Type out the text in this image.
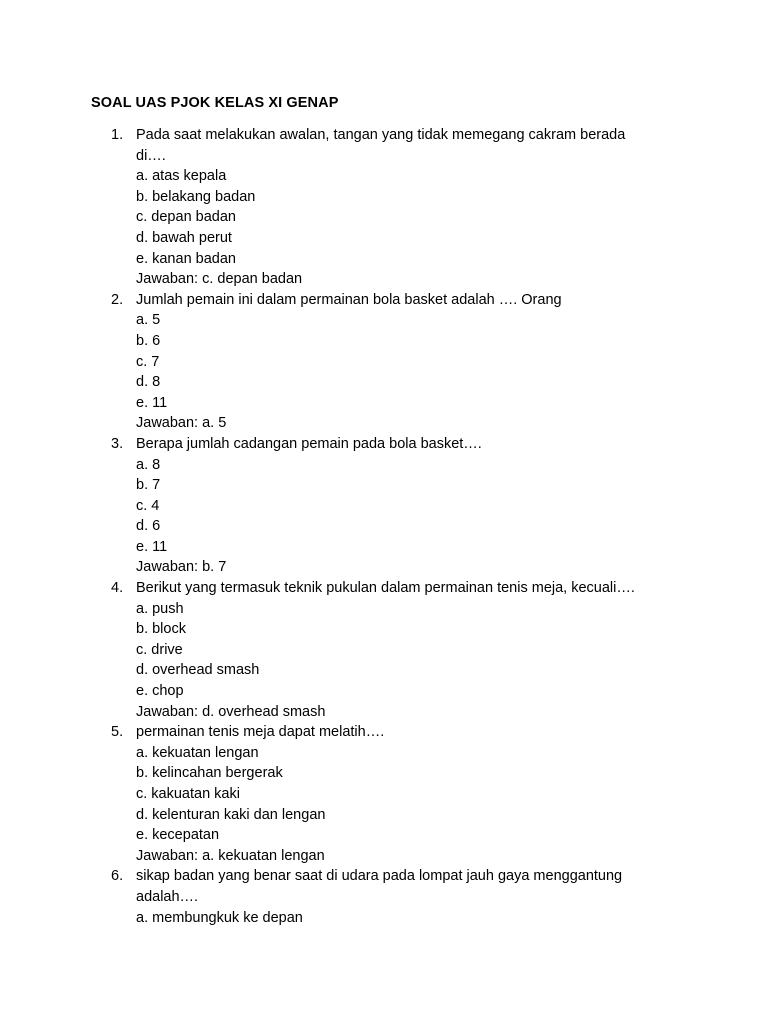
SOAL UAS PJOK KELAS XI GENAP
1. Pada saat melakukan awalan, tangan yang tidak memegang cakram berada
di….
a. atas kepala
b. belakang badan
c. depan badan
d. bawah perut
e. kanan badan
Jawaban: c. depan badan
2. Jumlah pemain ini dalam permainan bola basket adalah …. Orang
a. 5
b. 6
c. 7
d. 8
e. 11
Jawaban: a. 5
3. Berapa jumlah cadangan pemain pada bola basket….
a. 8
b. 7
c. 4
d. 6
e. 11
Jawaban: b. 7
4. Berikut yang termasuk teknik pukulan dalam permainan tenis meja, kecuali….
a. push
b. block
c. drive
d. overhead smash
e. chop
Jawaban: d. overhead smash
5. permainan tenis meja dapat melatih….
a. kekuatan lengan
b. kelincahan bergerak
c. kakuatan kaki
d. kelenturan kaki dan lengan
e. kecepatan
Jawaban: a. kekuatan lengan
6. sikap badan yang benar saat di udara pada lompat jauh gaya menggantung
adalah….
a. membungkuk ke depan
